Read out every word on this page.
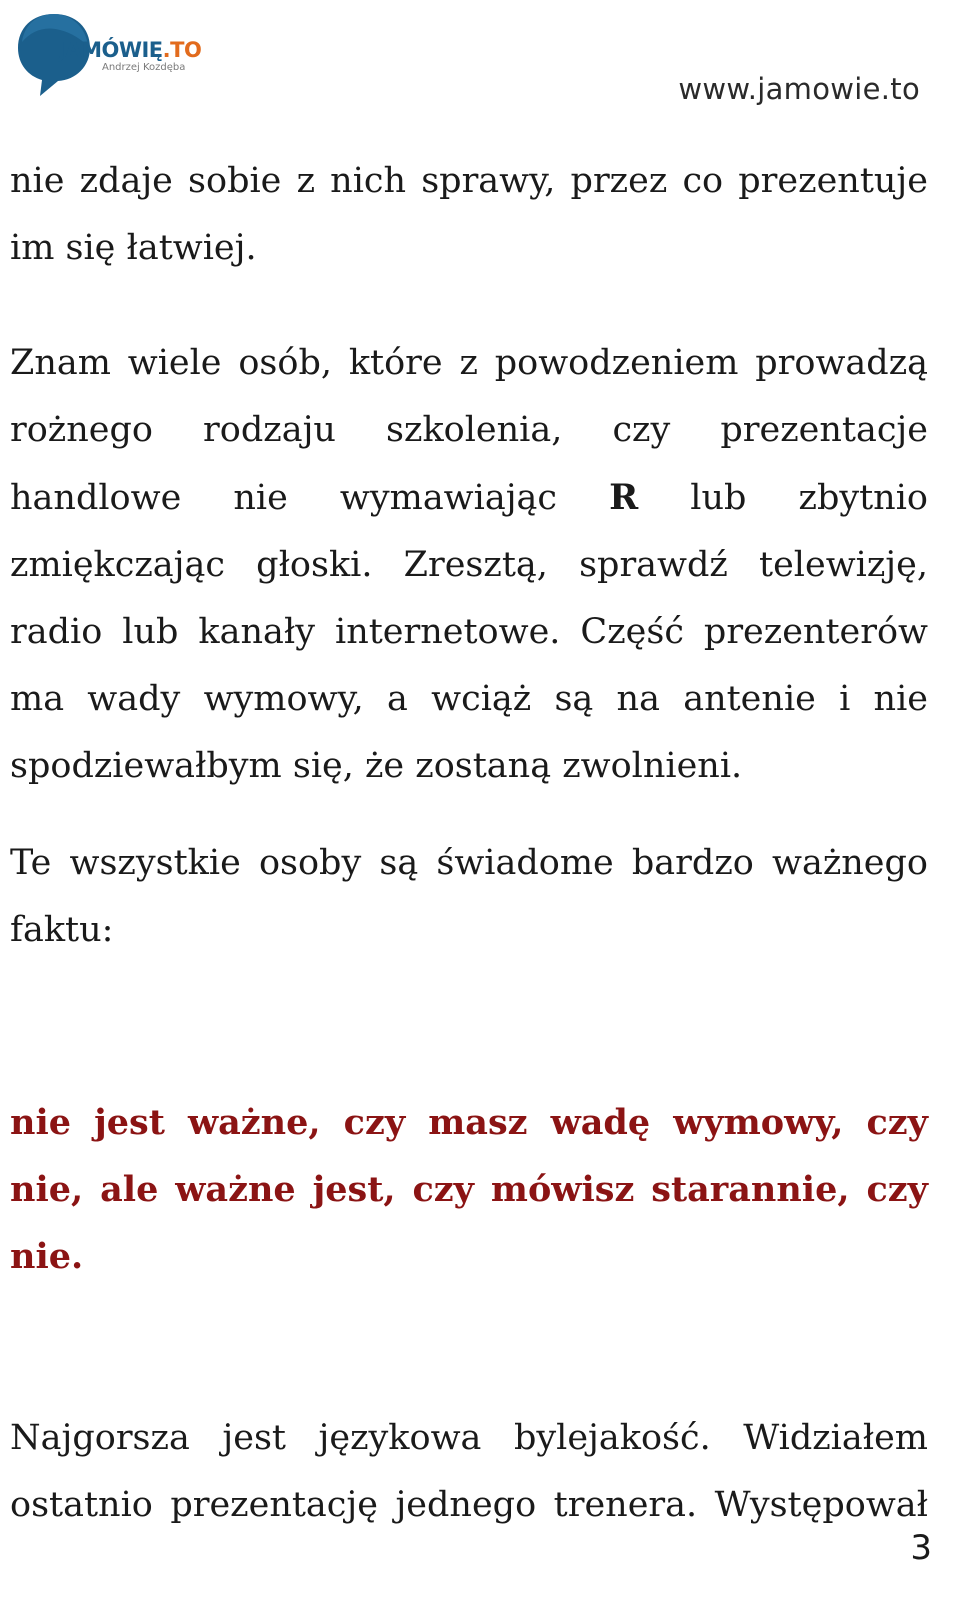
JAMÓWIĘ.TO
Andrzej Kozdęba
www.jamowie.to

nie zdaje sobie z nich sprawy, przez co prezentuje im się łatwiej.

Znam wiele osób, które z powodzeniem prowadzą rożnego rodzaju szkolenia, czy prezentacje handlowe nie wymawiając R lub zbytnio zmiękczając głoski. Zresztą, sprawdź telewizję, radio lub kanały internetowe. Część prezenterów ma wady wymowy, a wciąż są na antenie i nie spodziewałbym się, że zostaną zwolnieni.

Te wszystkie osoby są świadome bardzo ważnego faktu:

nie jest ważne, czy masz wadę wymowy, czy nie, ale ważne jest, czy mówisz starannie, czy nie.

Najgorsza jest językowa bylejakość. Widziałem ostatnio prezentację jednego trenera. Występował

3
